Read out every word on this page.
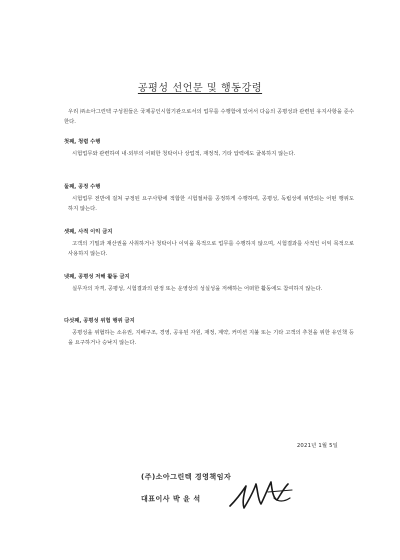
공평성 선언문 및 행동강령
우리 ㈜소아그린텍 구성원들은 국제공인시험기관으로서의 업무를 수행함에 있어서 다음의 공평성과 관련된 유지사항을 준수한다.
첫째, 청렴 수행
시험업무와 관련하여 내·외부의 어떠한 청탁이나 상업적, 재정적, 기타 압력에도 굴복하지 않는다.
둘째, 공정 수행
시험업무 전반에 걸쳐 규정된 요구사항에 적합한 시험절차를 공정하게 수행하며, 공평성, 독립성에 위반되는 어떤 행위도 하지 않는다.
셋째, 사적 이익 금지
고객의 기밀과 재산권을 사취하거나 청탁이나 이익을 목적으로 업무를 수행하지 않으며, 시험결과를 사적인 이익 목적으로 사용하지 않는다.
넷째, 공평성 저해 활동 금지
실무자의 자격, 공평성, 시험결과의 판정 또는 운영상의 성실성을 저해하는 어떠한 활동에도 참여하지 않는다.
다섯째, 공평성 위험 행위 금지
공평성을 위협하는 소유권, 지배구조, 경영, 공유된 자원, 재정, 계약, 커미션 지불 또는 기타 고객의 추천을 위한 유인책 등을 요구하거나 승낙지 않는다.
2021년 1월 5일
(주)소아그린텍 경영책임자
대표이사 박 윤 석
